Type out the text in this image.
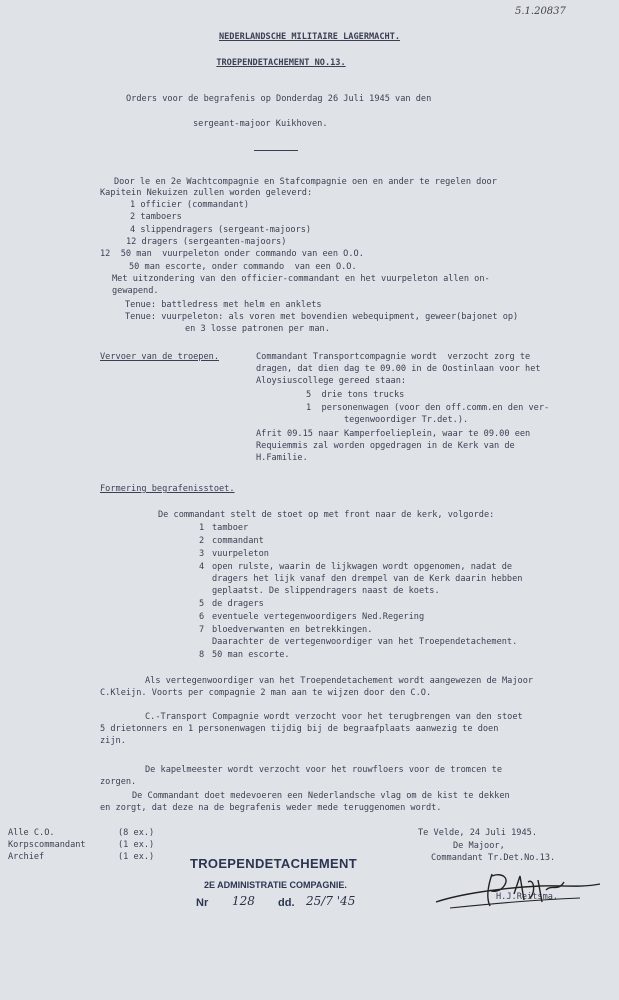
5.1.20837
NEDERLANDSCHE MILITAIRE LAGERMACHT.
TROEPENDETACHEMENT NO.13.
Orders voor de begrafenis op Donderdag 26 Juli 1945 van den
sergeant-majoor Kuikhoven.
Door le en 2e Wachtcompagnie en Stafcompagnie oen en ander te regelen door
Kapitein Nekuizen zullen worden geleverd:
1 officier (commandant)
2 tamboers
4 slippendragers (sergeant-majoors)
12 dragers (sergeanten-majoors)
12  50 man  vuurpeleton onder commando van een O.O.
50 man escorte, onder commando  van een O.O.
Met uitzondering van den officier-commandant en het vuurpeleton allen on-
gewapend.
Tenue: battledress met helm en anklets
Tenue: vuurpeleton: als voren met bovendien webequipment, geweer(bajonet op)
en 3 losse patronen per man.
Vervoer van de troepen.	Commandant Transportcompagnie wordt  verzocht zorg te
dragen, dat dien dag te 09.00 in de Oostinlaan voor het
Aloysiuscollege gereed staan:
5  drie tons trucks
1  personenwagen (voor den off.comm.en den ver-
tegenwoordiger Tr.det.).
Afrit 09.15 naar Kamperfoelieplein, waar te 09.00 een
Requiemmis zal worden opgedragen in de Kerk van de
H.Familie.
Formering begrafenisstoet.
De commandant stelt de stoet op met front naar de kerk, volgorde:
1 tamboer
2 commandant
3 vuurpeleton
4 open rulste, waarin de lijkwagen wordt opgenomen, nadat de
dragers het lijk vanaf den drempel van de Kerk daarin hebben
geplaatst. De slippendragers naast de koets.
5 de dragers
6 eventuele vertegenwoordigers Ned.Regering
7 bloedverwanten en betrekkingen.
Daarachter de vertegenwoordiger van het Troependetachement.
8 50 man escorte.
Als vertegenwoordiger van het Troependetachement wordt aangewezen de Majoor
C.Kleijn. Voorts per compagnie 2 man aan te wijzen door den C.O.
C.-Transport Compagnie wordt verzocht voor het terugbrengen van den stoet
5 drietonners en 1 personenwagen tijdig bij de begraafplaats aanwezig te doen
zijn.
De kapelmeester wordt verzocht voor het rouwfloers voor de tromcen te
zorgen.
De Commandant doet medevoeren een Nederlandsche vlag om de kist te dekken
en zorgt, dat deze na de begrafenis weder mede teruggenomen wordt.
Alle C.O.	(8 ex.)
Korpscommandant	(1 ex.)
Archief	(1 ex.)
Te Velde, 24 Juli 1945.
De Majoor,
Commandant Tr.Det.No.13.
H.J.Reitsma.
TROEPENDETACHEMENT
2E ADMINISTRATIE COMPAGNIE.
Nr 128 dd. 25/7 '45
